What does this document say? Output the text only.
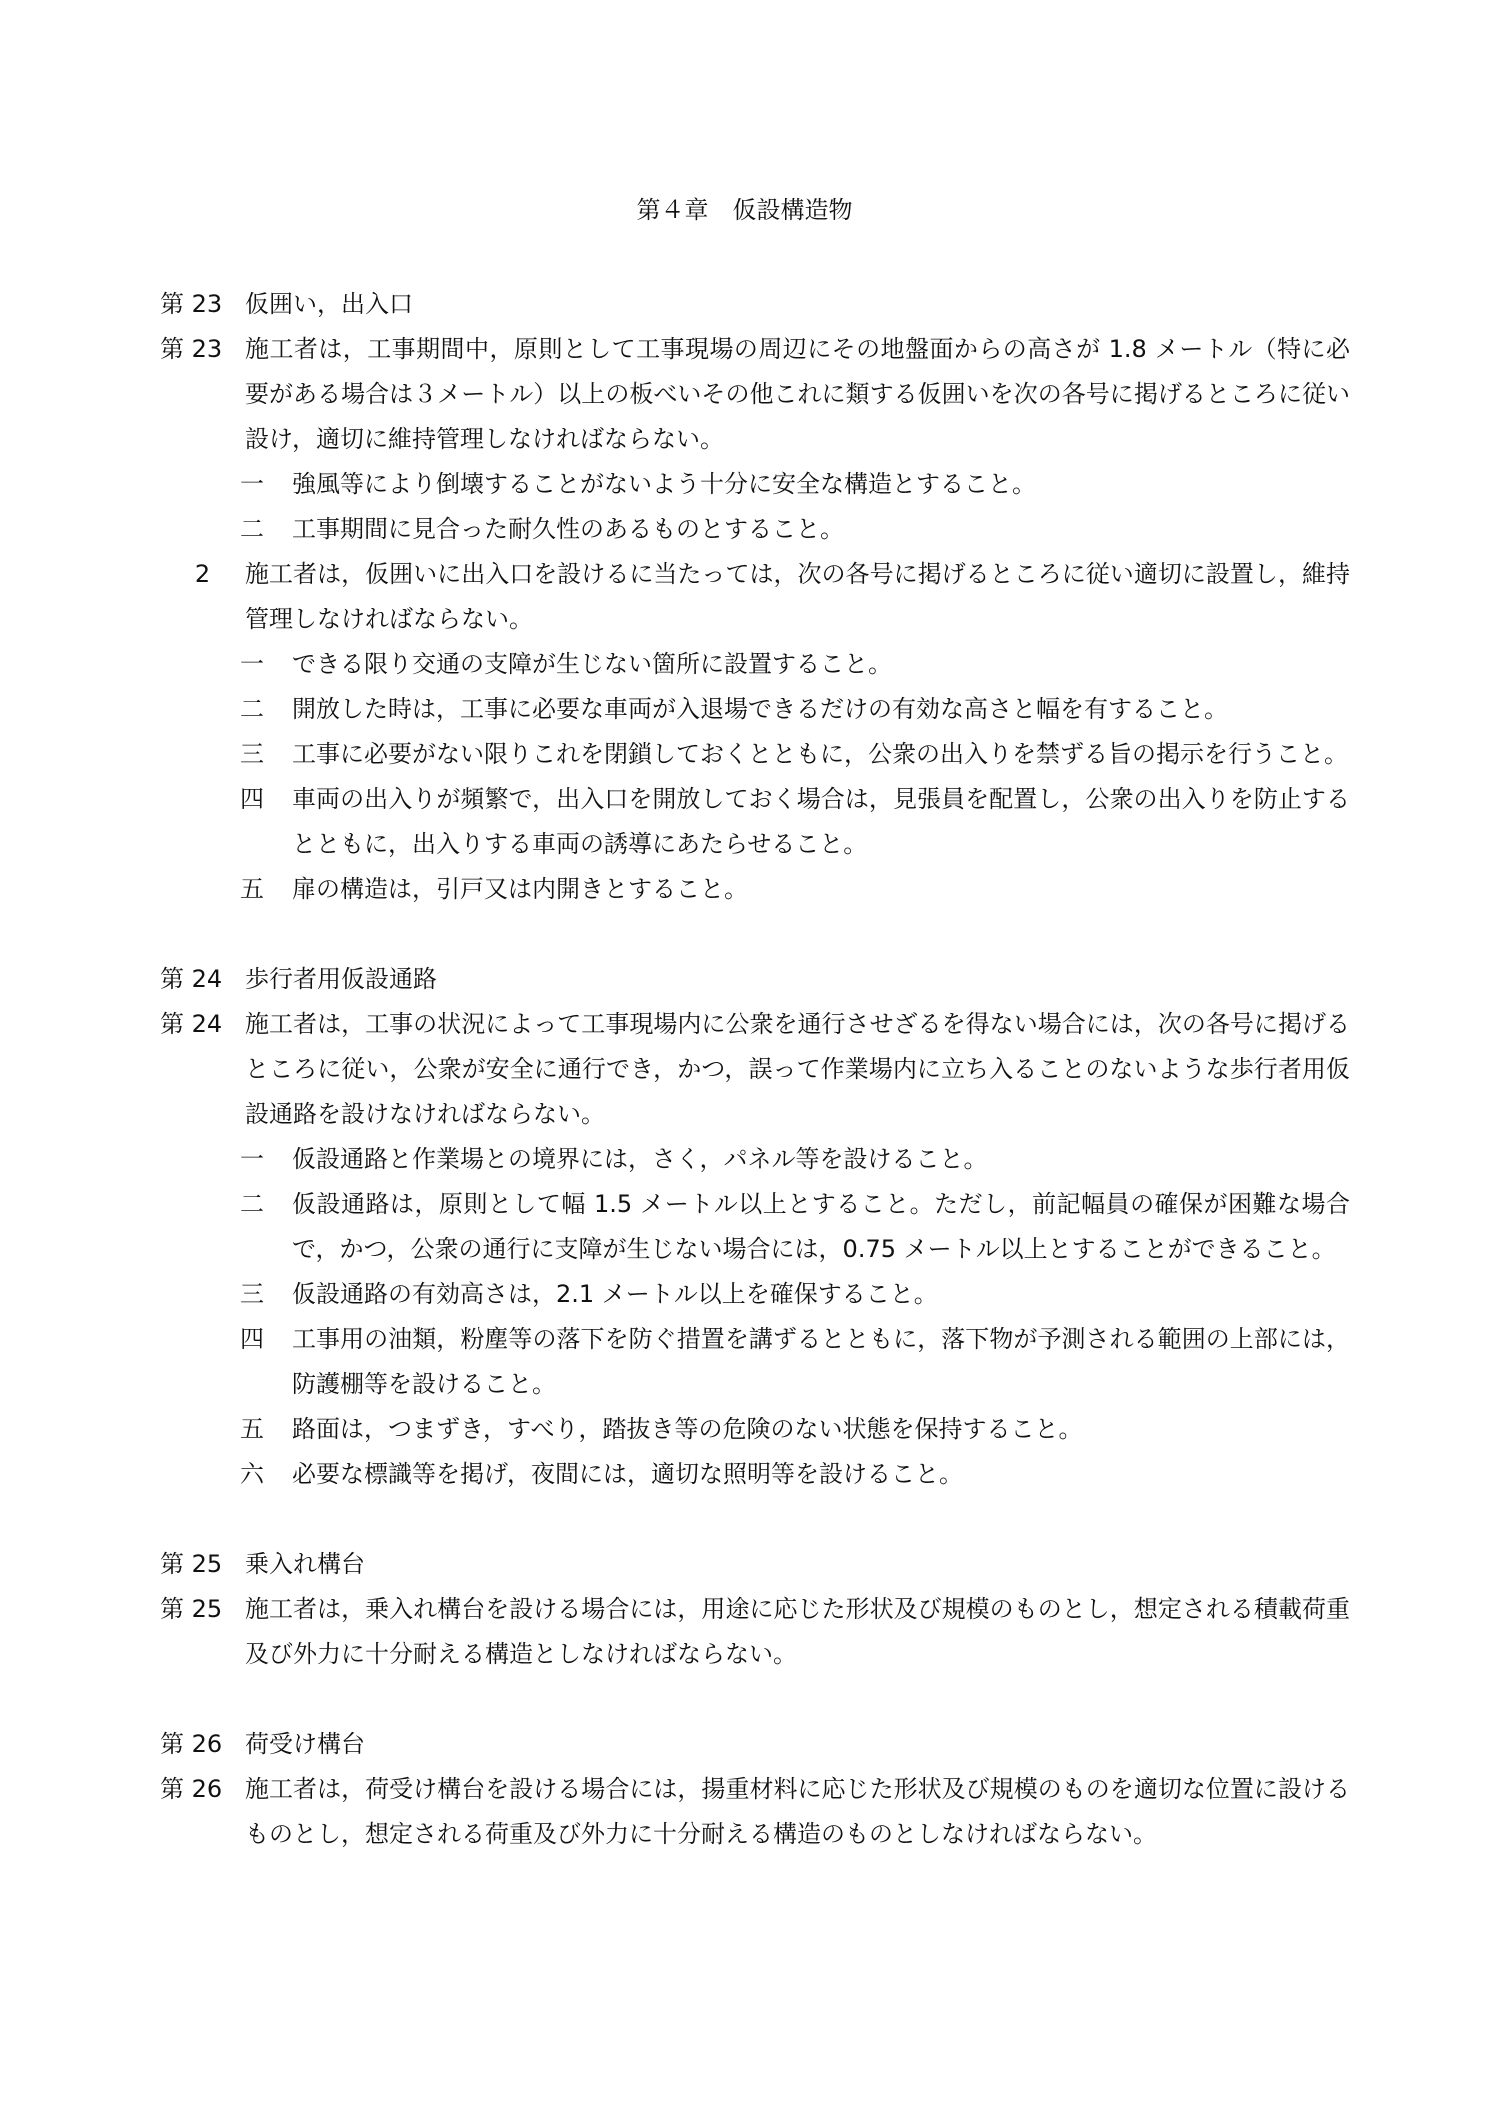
第４章　仮設構造物
第 23 仮囲い，出入口
第 23 施工者は，工事期間中，原則として工事現場の周辺にその地盤面からの高さが 1.8 メートル（特に必要がある場合は３メートル）以上の板べいその他これに類する仮囲いを次の各号に掲げるところに従い設け，適切に維持管理しなければならない。
一	強風等により倒壊することがないよう十分に安全な構造とすること。
二	工事期間に見合った耐久性のあるものとすること。
2	施工者は，仮囲いに出入口を設けるに当たっては，次の各号に掲げるところに従い適切に設置し，維持管理しなければならない。
一	できる限り交通の支障が生じない箇所に設置すること。
二	開放した時は，工事に必要な車両が入退場できるだけの有効な高さと幅を有すること。
三	工事に必要がない限りこれを閉鎖しておくとともに，公衆の出入りを禁ずる旨の掲示を行うこと。
四	車両の出入りが頻繁で，出入口を開放しておく場合は，見張員を配置し，公衆の出入りを防止するとともに，出入りする車両の誘導にあたらせること。
五	扉の構造は，引戸又は内開きとすること。
第 24 歩行者用仮設通路
第 24 施工者は，工事の状況によって工事現場内に公衆を通行させざるを得ない場合には，次の各号に掲げるところに従い，公衆が安全に通行でき，かつ，誤って作業場内に立ち入ることのないような歩行者用仮設通路を設けなければならない。
一	仮設通路と作業場との境界には，さく，パネル等を設けること。
二	仮設通路は，原則として幅 1.5 メートル以上とすること。ただし，前記幅員の確保が困難な場合で，かつ，公衆の通行に支障が生じない場合には，0.75 メートル以上とすることができること。
三	仮設通路の有効高さは，2.1 メートル以上を確保すること。
四	工事用の油類，粉塵等の落下を防ぐ措置を講ずるとともに，落下物が予測される範囲の上部には，防護棚等を設けること。
五	路面は，つまずき，すべり，踏抜き等の危険のない状態を保持すること。
六	必要な標識等を掲げ，夜間には，適切な照明等を設けること。
第 25 乗入れ構台
第 25 施工者は，乗入れ構台を設ける場合には，用途に応じた形状及び規模のものとし，想定される積載荷重及び外力に十分耐える構造としなければならない。
第 26 荷受け構台
第 26 施工者は，荷受け構台を設ける場合には，揚重材料に応じた形状及び規模のものを適切な位置に設けるものとし，想定される荷重及び外力に十分耐える構造のものとしなければならない。
